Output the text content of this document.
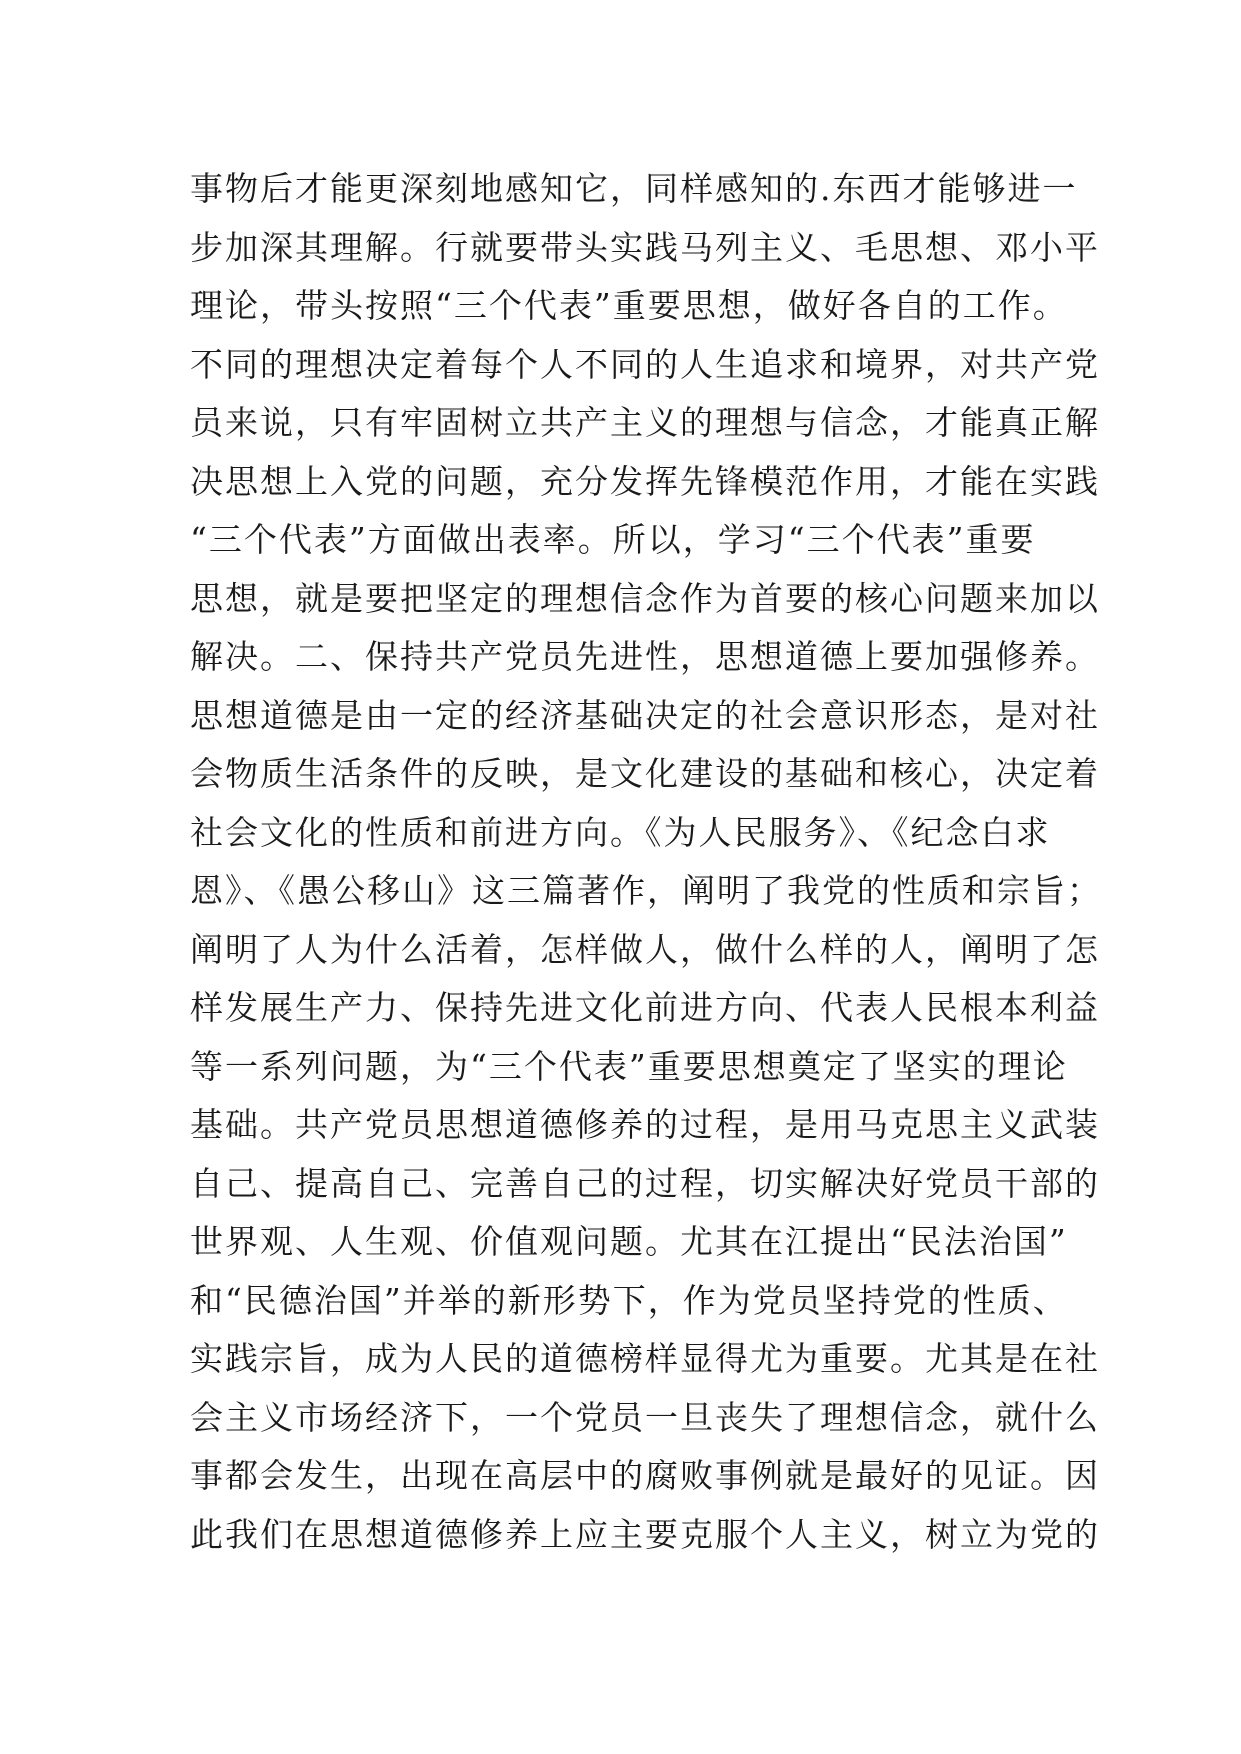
事物后才能更深刻地感知它，同样感知的.东西才能够进一
步加深其理解。行就要带头实践马列主义、毛思想、邓小平
理论，带头按照“三个代表”重要思想，做好各自的工作。
不同的理想决定着每个人不同的人生追求和境界，对共产党
员来说，只有牢固树立共产主义的理想与信念，才能真正解
决思想上入党的问题，充分发挥先锋模范作用，才能在实践
“三个代表”方面做出表率。所以，学习“三个代表”重要
思想，就是要把坚定的理想信念作为首要的核心问题来加以
解决。二、保持共产党员先进性，思想道德上要加强修养。
思想道德是由一定的经济基础决定的社会意识形态，是对社
会物质生活条件的反映，是文化建设的基础和核心，决定着
社会文化的性质和前进方向。《为人民服务》、《纪念白求
恩》、《愚公移山》这三篇著作，阐明了我党的性质和宗旨；
阐明了人为什么活着，怎样做人，做什么样的人，阐明了怎
样发展生产力、保持先进文化前进方向、代表人民根本利益
等一系列问题，为“三个代表”重要思想奠定了坚实的理论
基础。共产党员思想道德修养的过程，是用马克思主义武装
自己、提高自己、完善自己的过程，切实解决好党员干部的
世界观、人生观、价值观问题。尤其在江提出“民法治国”
和“民德治国”并举的新形势下，作为党员坚持党的性质、
实践宗旨，成为人民的道德榜样显得尤为重要。尤其是在社
会主义市场经济下，一个党员一旦丧失了理想信念，就什么
事都会发生，出现在高层中的腐败事例就是最好的见证。因
此我们在思想道德修养上应主要克服个人主义，树立为党的
